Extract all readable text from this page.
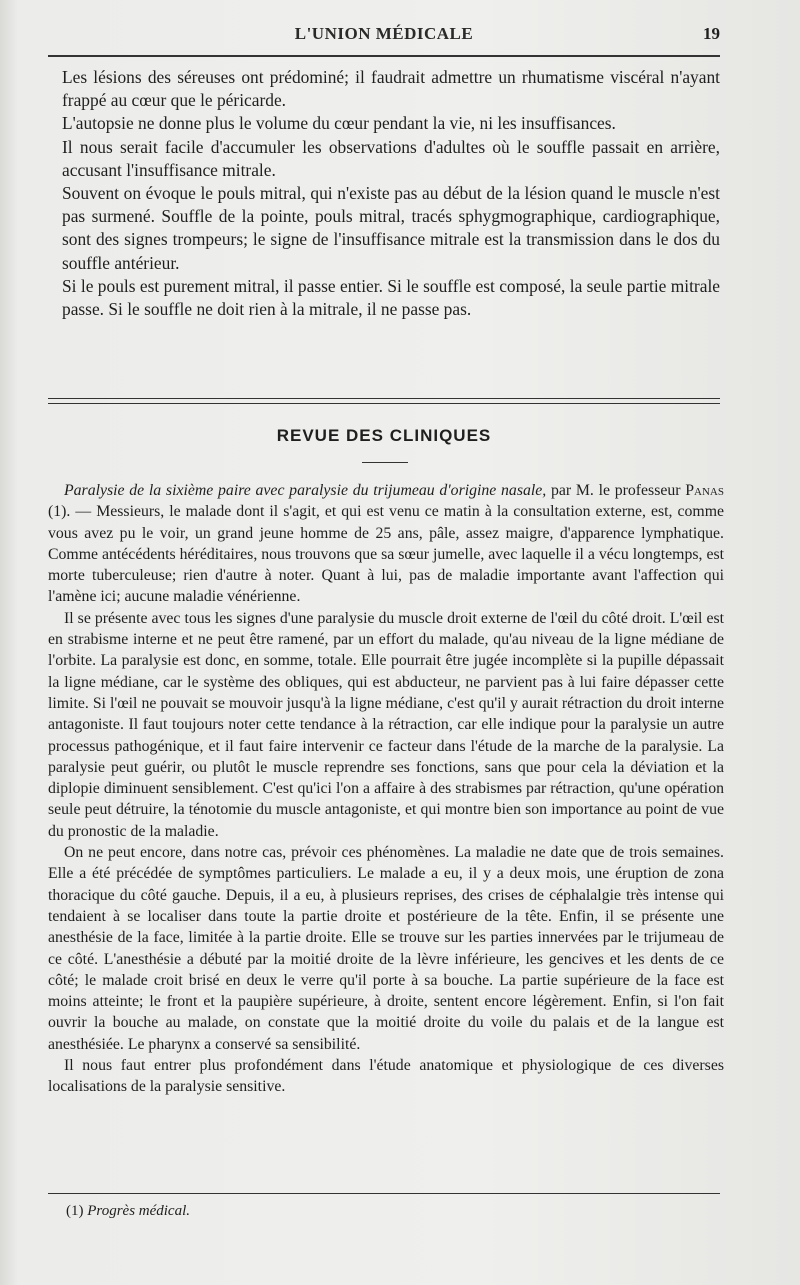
L'UNION MÉDICALE	19

Les lésions des séreuses ont prédominé; il faudrait admettre un rhumatisme viscéral n'ayant frappé au cœur que le péricarde.

L'autopsie ne donne plus le volume du cœur pendant la vie, ni les insuffisances.

Il nous serait facile d'accumuler les observations d'adultes où le souffle passait en arrière, accusant l'insuffisance mitrale.

Souvent on évoque le pouls mitral, qui n'existe pas au début de la lésion quand le muscle n'est pas surmené. Souffle de la pointe, pouls mitral, tracés sphygmographique, cardiographique, sont des signes trompeurs; le signe de l'insuffisance mitrale est la transmission dans le dos du souffle antérieur.

Si le pouls est purement mitral, il passe entier. Si le souffle est composé, la seule partie mitrale passe. Si le souffle ne doit rien à la mitrale, il ne passe pas.

REVUE DES CLINIQUES

Paralysie de la sixième paire avec paralysie du trijumeau d'origine nasale, par M. le professeur Panas (1). — Messieurs, le malade dont il s'agit, et qui est venu ce matin à la consultation externe, est, comme vous avez pu le voir, un grand jeune homme de 25 ans, pâle, assez maigre, d'apparence lymphatique. Comme antécédents héréditaires, nous trouvons que sa sœur jumelle, avec laquelle il a vécu longtemps, est morte tuberculeuse; rien d'autre à noter. Quant à lui, pas de maladie importante avant l'affection qui l'amène ici; aucune maladie vénérienne.

Il se présente avec tous les signes d'une paralysie du muscle droit externe de l'œil du côté droit. L'œil est en strabisme interne et ne peut être ramené, par un effort du malade, qu'au niveau de la ligne médiane de l'orbite. La paralysie est donc, en somme, totale. Elle pourrait être jugée incomplète si la pupille dépassait la ligne médiane, car le système des obliques, qui est abducteur, ne parvient pas à lui faire dépasser cette limite. Si l'œil ne pouvait se mouvoir jusqu'à la ligne médiane, c'est qu'il y aurait rétraction du droit interne antagoniste. Il faut toujours noter cette tendance à la rétraction, car elle indique pour la paralysie un autre processus pathogénique, et il faut faire intervenir ce facteur dans l'étude de la marche de la paralysie. La paralysie peut guérir, ou plutôt le muscle reprendre ses fonctions, sans que pour cela la déviation et la diplopie diminuent sensiblement. C'est qu'ici l'on a affaire à des strabismes par rétraction, qu'une opération seule peut détruire, la ténotomie du muscle antagoniste, et qui montre bien son importance au point de vue du pronostic de la maladie.

On ne peut encore, dans notre cas, prévoir ces phénomènes. La maladie ne date que de trois semaines. Elle a été précédée de symptômes particuliers. Le malade a eu, il y a deux mois, une éruption de zona thoracique du côté gauche. Depuis, il a eu, à plusieurs reprises, des crises de céphalalgie très intense qui tendaient à se localiser dans toute la partie droite et postérieure de la tête. Enfin, il se présente une anesthésie de la face, limitée à la partie droite. Elle se trouve sur les parties innervées par le trijumeau de ce côté. L'anesthésie a débuté par la moitié droite de la lèvre inférieure, les gencives et les dents de ce côté; le malade croit brisé en deux le verre qu'il porte à sa bouche. La partie supérieure de la face est moins atteinte; le front et la paupière supérieure, à droite, sentent encore légèrement. Enfin, si l'on fait ouvrir la bouche au malade, on constate que la moitié droite du voile du palais et de la langue est anesthésiée. Le pharynx a conservé sa sensibilité.

Il nous faut entrer plus profondément dans l'étude anatomique et physiologique de ces diverses localisations de la paralysie sensitive.

(1) Progrès médical.
